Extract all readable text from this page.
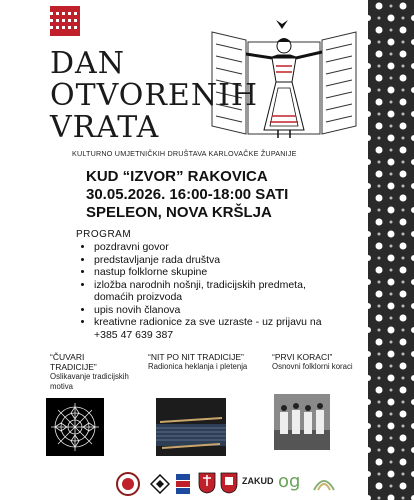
DAN
OTVORENIH
VRATA
KULTURNO UMJETNIČKIH DRUŠTAVA KARLOVAČKE ŽUPANIJE
KUD “IZVOR” RAKOVICA
30.05.2026. 16:00-18:00 SATI
SPELEON, NOVA KRŠLJA
PROGRAM
• pozdravni govor
• predstavljanje rada društva
• nastup folklorne skupine
• izložba narodnih nošnji, tradicijskih predmeta, domaćih proizvoda
• upis novih članova
• kreativne radionice za sve uzraste - uz prijavu na +385 47 639 387
“ČUVARI TRADICIJE”
Oslikavanje tradicijskih motiva
“NIT PO NIT TRADICIJE”
Radionica heklanja i pletenja
“PRVI KORACI”
Osnovni folklorni koraci
ZAKUD og
